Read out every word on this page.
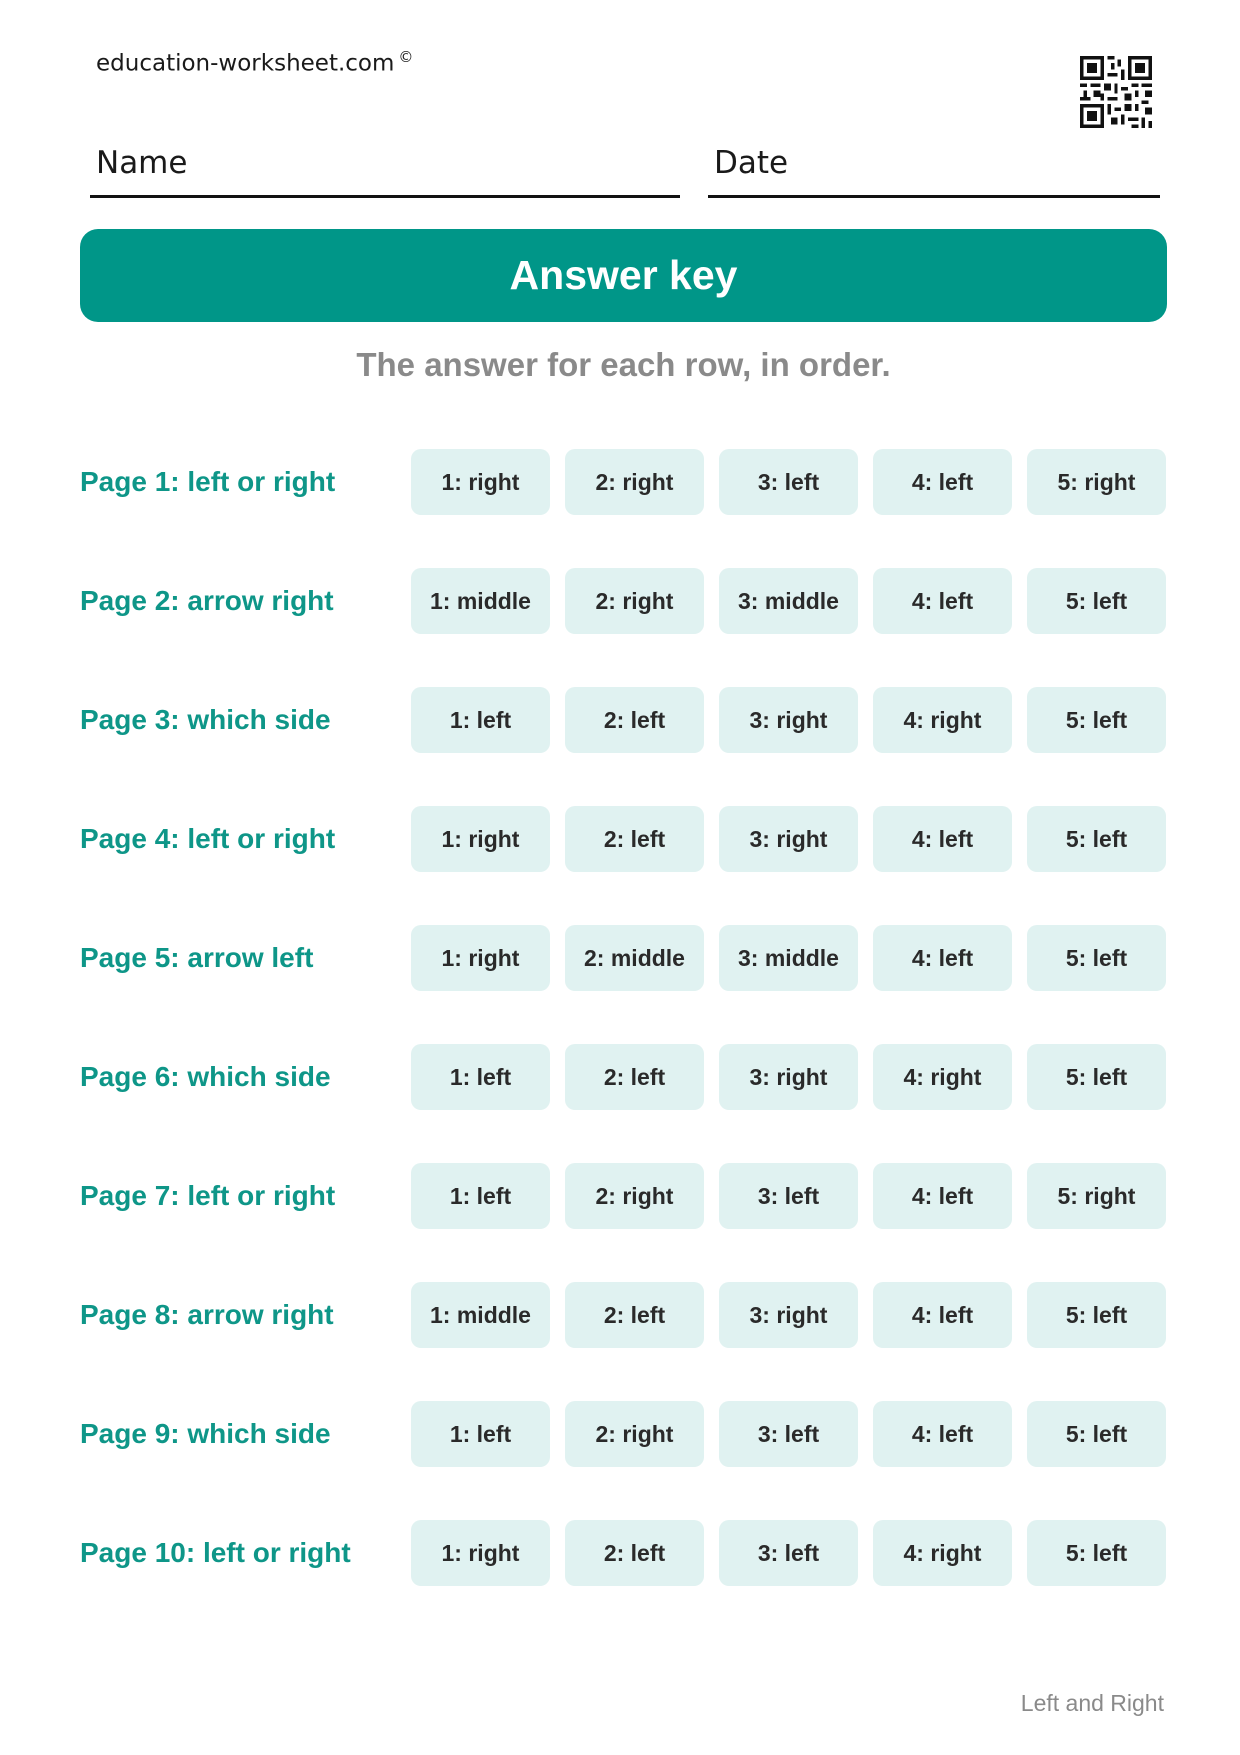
education-worksheet.com ©
Name	Date
Answer key
The answer for each row, in order.
Page 1: left or right	1: right	2: right	3: left	4: left	5: right
Page 2: arrow right	1: middle	2: right	3: middle	4: left	5: left
Page 3: which side	1: left	2: left	3: right	4: right	5: left
Page 4: left or right	1: right	2: left	3: right	4: left	5: left
Page 5: arrow left	1: right	2: middle	3: middle	4: left	5: left
Page 6: which side	1: left	2: left	3: right	4: right	5: left
Page 7: left or right	1: left	2: right	3: left	4: left	5: right
Page 8: arrow right	1: middle	2: left	3: right	4: left	5: left
Page 9: which side	1: left	2: right	3: left	4: left	5: left
Page 10: left or right	1: right	2: left	3: left	4: right	5: left
Left and Right
